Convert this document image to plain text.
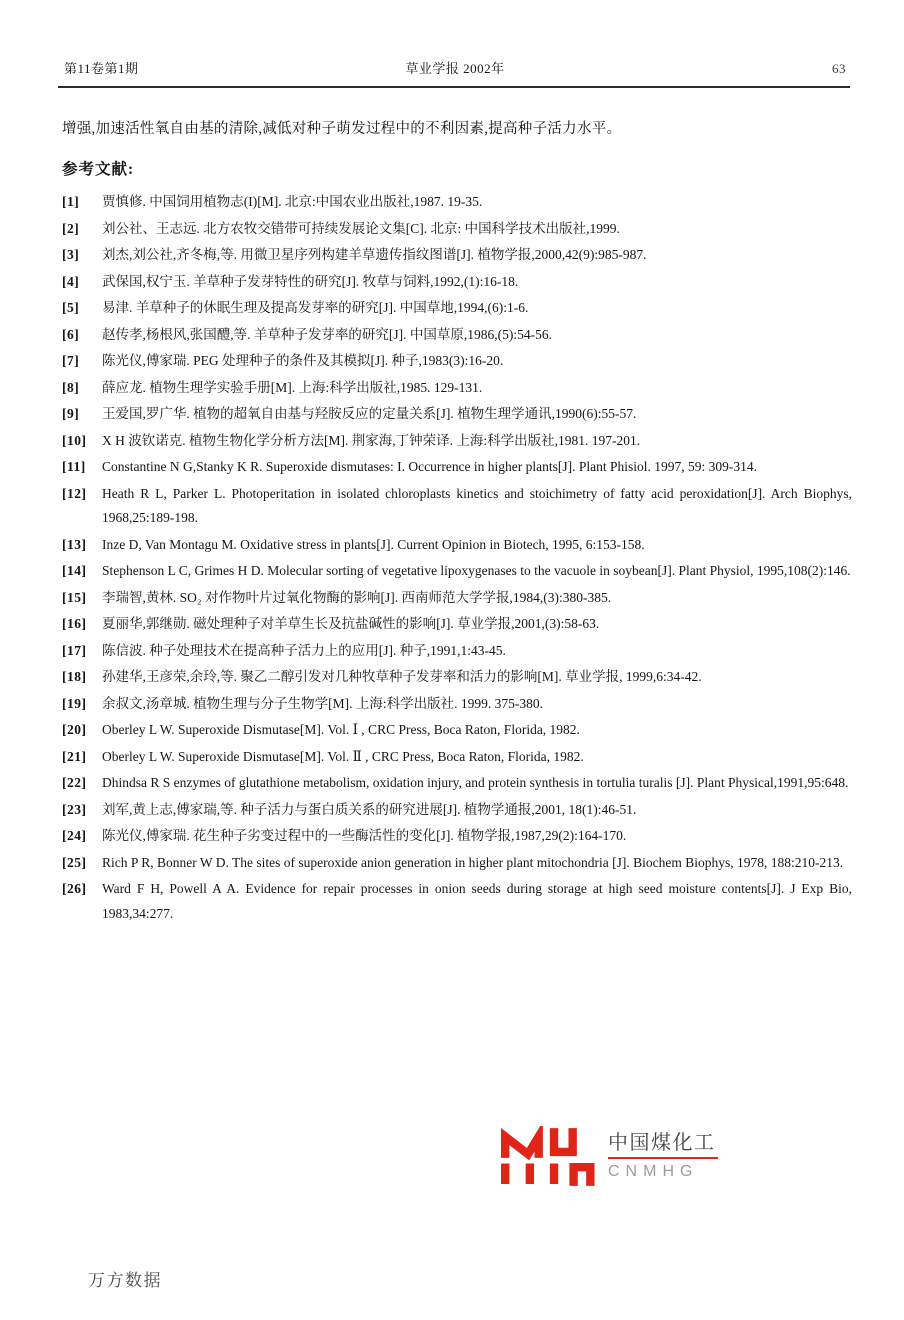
第11卷第1期	草业学报 2002年	63

增强,加速活性氧自由基的清除,减低对种子萌发过程中的不利因素,提高种子活力水平。

参考文献:
[1] 贾慎修. 中国饲用植物志(I)[M]. 北京:中国农业出版社,1987. 19-35.
[2] 刘公社、王志远. 北方农牧交错带可持续发展论文集[C]. 北京: 中国科学技术出版社,1999.
[3] 刘杰,刘公社,齐冬梅,等. 用微卫星序列构建羊草遗传指纹图谱[J]. 植物学报,2000,42(9):985-987.
[4] 武保国,权宁玉. 羊草种子发芽特性的研究[J]. 牧草与饲料,1992,(1):16-18.
[5] 易津. 羊草种子的休眠生理及提高发芽率的研究[J]. 中国草地,1994,(6):1-6.
[6] 赵传孝,杨根风,张国醴,等. 羊草种子发芽率的研究[J]. 中国草原,1986,(5):54-56.
[7] 陈光仪,傅家瑞. PEG 处理种子的条件及其模拟[J]. 种子,1983(3):16-20.
[8] 薛应龙. 植物生理学实验手册[M]. 上海:科学出版社,1985. 129-131.
[9] 王爱国,罗广华. 植物的超氧自由基与羟胺反应的定量关系[J]. 植物生理学通讯,1990(6):55-57.
[10] X H 波钦诺克. 植物生物化学分析方法[M]. 荆家海,丁钟荣译. 上海:科学出版社,1981. 197-201.
[11] Constantine N G,Stanky K R. Superoxide dismutases: I. Occurrence in higher plants[J]. Plant Phisiol. 1997, 59: 309-314.
[12] Heath R L, Parker L. Photoperitation in isolated chloroplasts kinetics and stoichimetry of fatty acid peroxidation[J]. Arch Biophys, 1968,25:189-198.
[13] Inze D, Van Montagu M. Oxidative stress in plants[J]. Current Opinion in Biotech, 1995, 6:153-158.
[14] Stephenson L C, Grimes H D. Molecular sorting of vegetative lipoxygenases to the vacuole in soybean[J]. Plant Physiol, 1995,108(2):146.
[15] 李瑞智,黄林. SO₂ 对作物叶片过氧化物酶的影响[J]. 西南师范大学学报,1984,(3):380-385.
[16] 夏丽华,郭继勋. 磁处理种子对羊草生长及抗盐碱性的影响[J]. 草业学报,2001,(3):58-63.
[17] 陈信波. 种子处理技术在提高种子活力上的应用[J]. 种子,1991,1:43-45.
[18] 孙建华,王彦荣,余玲,等. 聚乙二醇引发对几种牧草种子发芽率和活力的影响[M]. 草业学报, 1999,6:34-42.
[19] 余叔文,汤章城. 植物生理与分子生物学[M]. 上海:科学出版社. 1999. 375-380.
[20] Oberley L W. Superoxide Dismutase[M]. Vol. Ⅰ , CRC Press, Boca Raton, Florida, 1982.
[21] Oberley L W. Superoxide Dismutase[M]. Vol. Ⅱ , CRC Press, Boca Raton, Florida, 1982.
[22] Dhindsa R S enzymes of glutathione metabolism, oxidation injury, and protein synthesis in tortulia turalis [J]. Plant Physical,1991,95:648.
[23] 刘军,黄上志,傅家瑞,等. 种子活力与蛋白质关系的研究进展[J]. 植物学通报,2001, 18(1):46-51.
[24] 陈光仪,傅家瑞. 花生种子劣变过程中的一些酶活性的变化[J]. 植物学报,1987,29(2):164-170.
[25] Rich P R, Bonner W D. The sites of superoxide anion generation in higher plant mitochondria [J]. Biochem Biophys, 1978, 188:210-213.
[26] Ward F H, Powell A A. Evidence for repair processes in onion seeds during storage at high seed moisture contents[J]. J Exp Bio, 1983,34:277.
中国煤化工
CNMHG
万方数据
